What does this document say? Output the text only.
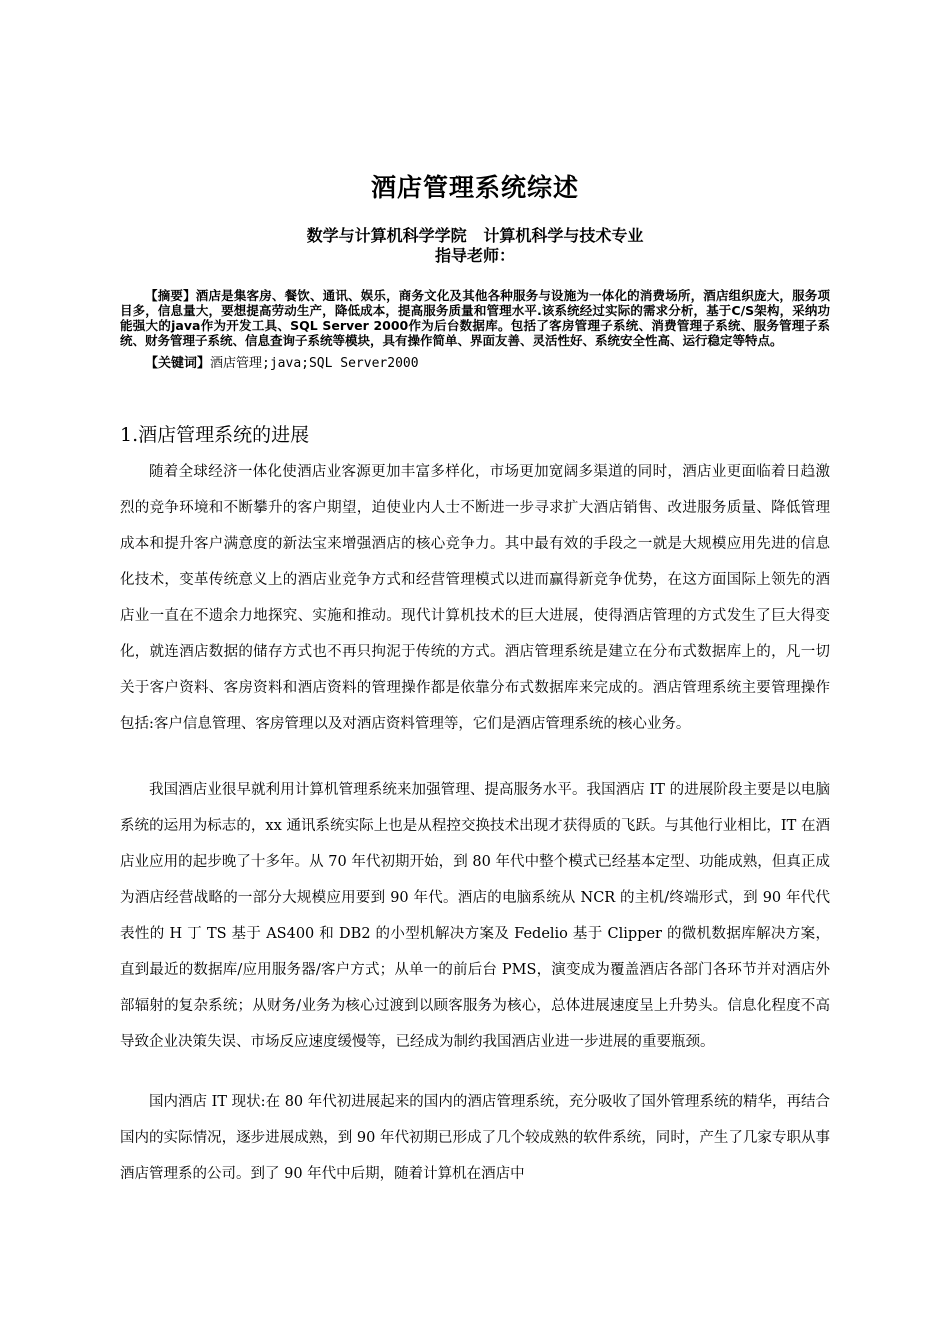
酒店管理系统综述
数学与计算机科学学院   计算机科学与技术专业
指导老师：
【摘要】酒店是集客房、餐饮、通讯、娱乐，商务文化及其他各种服务与设施为一体化的消费场所，酒店组织庞大，服务项目多，信息量大，要想提高劳动生产，降低成本，提高服务质量和管理水平.该系统经过实际的需求分析，基于C/S架构，采纳功能强大的java作为开发工具、SQL Server 2000作为后台数据库。包括了客房管理子系统、消费管理子系统、服务管理子系统、财务管理子系统、信息查询子系统等模块，具有操作简单、界面友善、灵活性好、系统安全性高、运行稳定等特点。
【关键词】酒店管理;java;SQL Server2000
1.酒店管理系统的进展
随着全球经济一体化使酒店业客源更加丰富多样化，市场更加宽阔多渠道的同时，酒店业更面临着日趋激烈的竞争环境和不断攀升的客户期望，迫使业内人士不断进一步寻求扩大酒店销售、改进服务质量、降低管理成本和提升客户满意度的新法宝来增强酒店的核心竞争力。其中最有效的手段之一就是大规模应用先进的信息化技术，变革传统意义上的酒店业竞争方式和经营管理模式以进而赢得新竞争优势，在这方面国际上领先的酒店业一直在不遗余力地探究、实施和推动。现代计算机技术的巨大进展，使得酒店管理的方式发生了巨大得变化，就连酒店数据的储存方式也不再只拘泥于传统的方式。酒店管理系统是建立在分布式数据库上的，凡一切关于客户资料、客房资料和酒店资料的管理操作都是依靠分布式数据库来完成的。酒店管理系统主要管理操作包括:客户信息管理、客房管理以及对酒店资料管理等，它们是酒店管理系统的核心业务。
我国酒店业很早就利用计算机管理系统来加强管理、提高服务水平。我国酒店 IT 的进展阶段主要是以电脑系统的运用为标志的，xx 通讯系统实际上也是从程控交换技术出现才获得质的飞跃。与其他行业相比，IT 在酒店业应用的起步晚了十多年。从 70 年代初期开始，到 80 年代中整个模式已经基本定型、功能成熟，但真正成为酒店经营战略的一部分大规模应用要到 90 年代。酒店的电脑系统从 NCR 的主机/终端形式，到 90 年代代表性的 H 丁 TS 基于 AS400 和 DB2 的小型机解决方案及 Fedelio 基于 Clipper 的微机数据库解决方案，直到最近的数据库/应用服务器/客户方式；从单一的前后台 PMS，演变成为覆盖酒店各部门各环节并对酒店外部辐射的复杂系统；从财务/业务为核心过渡到以顾客服务为核心，总体进展速度呈上升势头。信息化程度不高导致企业决策失误、市场反应速度缓慢等，已经成为制约我国酒店业进一步进展的重要瓶颈。
国内酒店 IT 现状:在 80 年代初进展起来的国内的酒店管理系统，充分吸收了国外管理系统的精华，再结合国内的实际情况，逐步进展成熟，到 90 年代初期已形成了几个较成熟的软件系统，同时，产生了几家专职从事酒店管理系的公司。到了 90 年代中后期，随着计算机在酒店中
